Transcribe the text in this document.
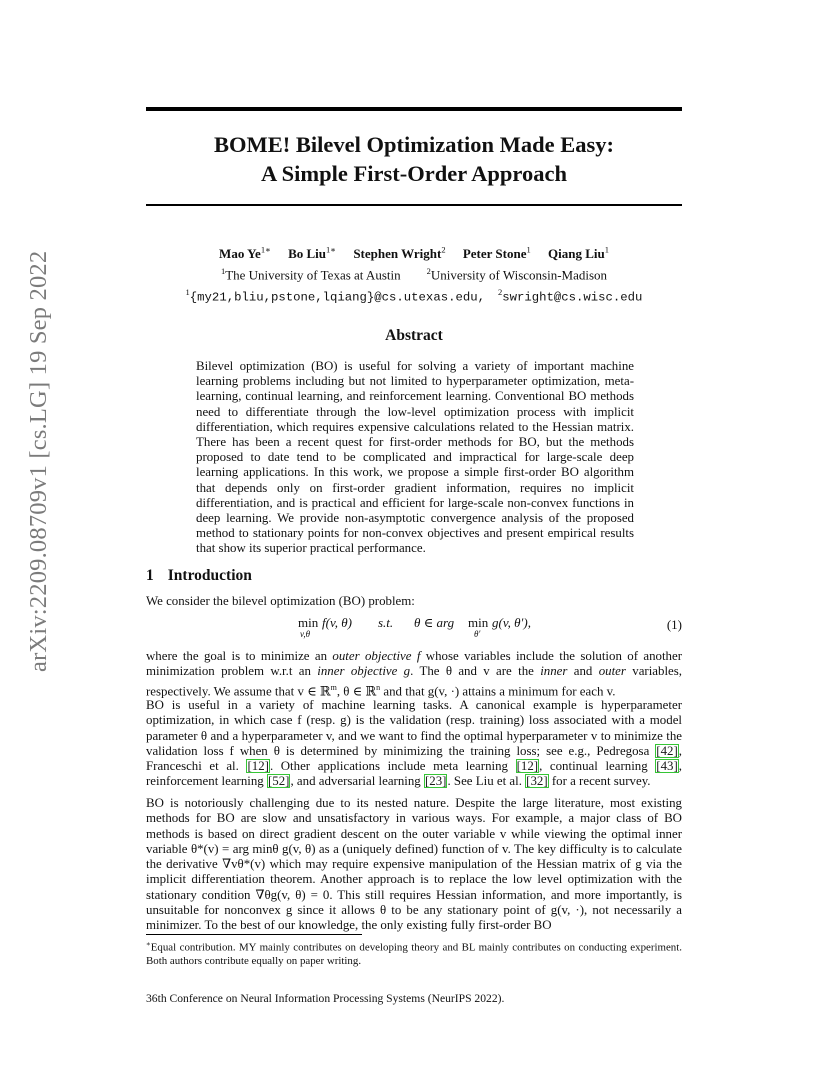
arXiv:2209.08709v1 [cs.LG] 19 Sep 2022
BOME! Bilevel Optimization Made Easy:
A Simple First-Order Approach
Mao $Ye^{1∗}$ Bo Liu$^{1∗}$ Stephen Wright$^2$ Peter Stone$^1$ Qiang Liu$^1$
$^1$The University of Texas at Austin	$^2$University of Wisconsin-Madison
$^1${my21,bliu,pstone,lqiang}@cs.utexas.edu, $^2$swright@cs.wisc.edu
Abstract
Bilevel optimization (BO) is useful for solving a variety of important machine learning problems including but not limited to hyperparameter optimization, meta-learning, continual learning, and reinforcement learning. Conventional BO methods need to differentiate through the low-level optimization process with implicit differentiation, which requires expensive calculations related to the Hessian matrix. There has been a recent quest for first-order methods for BO, but the methods proposed to date tend to be complicated and impractical for large-scale deep learning applications. In this work, we propose a simple first-order BO algorithm that depends only on first-order gradient information, requires no implicit differentiation, and is practical and efficient for large-scale non-convex functions in deep learning. We provide non-asymptotic convergence analysis of the proposed method to stationary points for non-convex objectives and present empirical results that show its superior practical performance.
1 Introduction
We consider the bilevel optimization (BO) problem:
min
v,θ
f(v, θ) s.t. θ ∈ arg min
θ′
g(v, θ′),	(1)
where the goal is to minimize an outer objective f whose variables include the solution of another minimization problem w.r.t an inner objective g. The θ and v are the inner and outer variables, respectively. We assume that v ∈ ℝ$^m$, θ ∈ ℝ$^n$ and that g(v, ·) attains a minimum for each v.
BO is useful in a variety of machine learning tasks. A canonical example is hyperparameter optimization, in which case f (resp. g) is the validation (resp. training) loss associated with a model parameter θ and a hyperparameter v, and we want to find the optimal hyperparameter v to minimize the validation loss f when θ is determined by minimizing the training loss; see e.g., Pedregosa [42], Franceschi et al. [12]. Other applications include meta learning [12], continual learning [43], reinforcement learning [52], and adversarial learning [23]. See Liu et al. [32] for a recent survey.
BO is notoriously challenging due to its nested nature. Despite the large literature, most existing methods for BO are slow and unsatisfactory in various ways. For example, a major class of BO methods is based on direct gradient descent on the outer variable v while viewing the optimal inner variable θ*(v) = arg minθ g(v, θ) as a (uniquely defined) function of v. The key difficulty is to calculate the derivative ∇vθ*(v) which may require expensive manipulation of the Hessian matrix of g via the implicit differentiation theorem. Another approach is to replace the low level optimization with the stationary condition ∇θg(v, θ) = 0. This still requires Hessian information, and more importantly, is unsuitable for nonconvex g since it allows θ to be any stationary point of g(v, ·), not necessarily a minimizer. To the best of our knowledge, the only existing fully first-order BO
∗Equal contribution. MY mainly contributes on developing theory and BL mainly contributes on conducting experiment. Both authors contribute equally on paper writing.
36th Conference on Neural Information Processing Systems (NeurIPS 2022).
